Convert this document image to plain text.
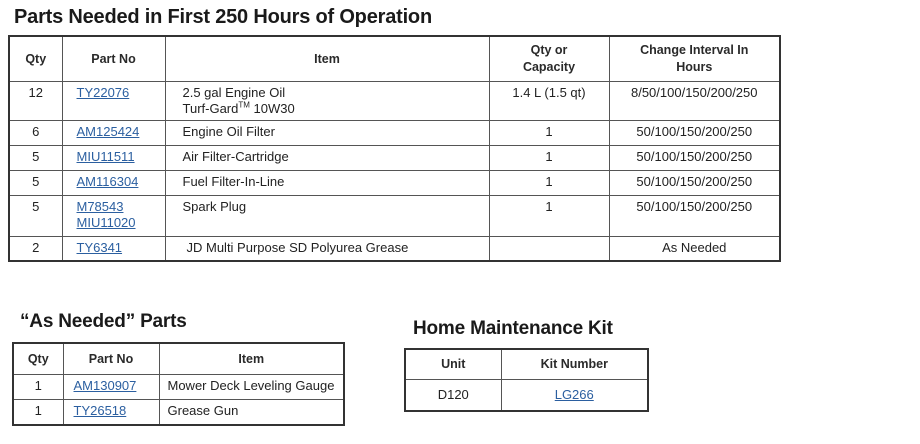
Parts Needed in First 250 Hours of Operation
Qty	Part No	Item	Qty or
Capacity	Change Interval In
Hours

12	TY22076	2.5 gal Engine Oil
Turf-Gard™ 10W30	1.4 L (1.5 qt)	8/50/100/150/200/250

6	AM125424	Engine Oil Filter	1	50/100/150/200/250

5	MIU11511	Air Filter-Cartridge	1	50/100/150/200/250

5	AM116304	Fuel Filter-In-Line	1	50/100/150/200/250

5	M78543
MIU11020	Spark Plug	1	50/100/150/200/250

2	TY6341	JD Multi Purpose SD Polyurea Grease		As Needed
“As Needed” Parts
Qty	Part No	Item

1	AM130907	Mower Deck Leveling Gauge

1	TY26518	Grease Gun
Home Maintenance Kit
Unit	Kit Number
D120	LG266
